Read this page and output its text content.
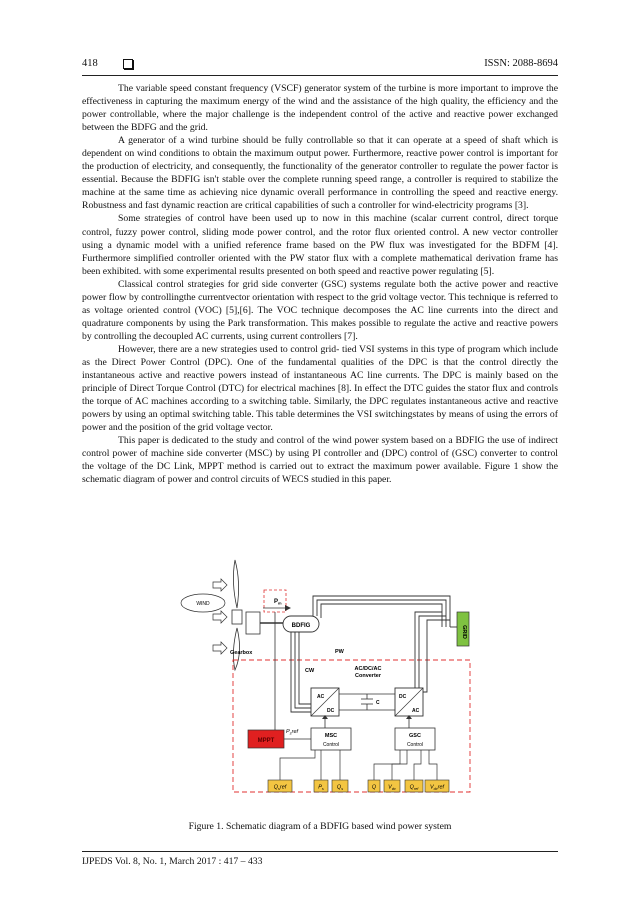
418	ISSN: 2088-8694

The variable speed constant frequency (VSCF) generator system of the turbine is more important to improve the effectiveness in capturing the maximum energy of the wind and the assistance of the high quality, the efficiency and the power controllable, where the major challenge is the independent control of the active and reactive power exchanged between the BDFG and the grid.

A generator of a wind turbine should be fully controllable so that it can operate at a speed of shaft which is dependent on wind conditions to obtain the maximum output power. Furthermore, reactive power control is important for the production of electricity, and consequently, the functionality of the generator controller to regulate the power factor is essential. Because the BDFIG isn't stable over the complete running speed range, a controller is required to stabilize the machine at the same time as achieving nice dynamic overall performance in controlling the speed and reactive energy. Robustness and fast dynamic reaction are critical capabilities of such a controller for wind-electricity programs [3].

Some strategies of control have been used up to now in this machine (scalar current control, direct torque control, fuzzy power control, sliding mode power control, and the rotor flux oriented control. A new vector controller using a dynamic model with a unified reference frame based on the PW flux was investigated for the BDFM [4]. Furthermore simplified controller oriented with the PW stator flux with a complete mathematical derivation frame has been exhibited. with some experimental results presented on both speed and reactive power regulating [5].

Classical control strategies for grid side converter (GSC) systems regulate both the active power and reactive power flow by controllingthe currentvector orientation with respect to the grid voltage vector. This technique is referred to as voltage oriented control (VOC) [5],[6]. The VOC technique decomposes the AC line currents into the direct and quadrature components by using the Park transformation. This makes possible to regulate the active and reactive powers by controlling the decoupled AC currents, using current controllers [7].

However, there are a new strategies used to control grid- tied VSI systems in this type of program which include as the Direct Power Control (DPC). One of the fundamental qualities of the DPC is that the control directly the instantaneous active and reactive powers instead of instantaneous AC line currents. The DPC is mainly based on the principle of Direct Torque Control (DTC) for electrical machines [8]. In effect the DTC guides the stator flux and controls the torque of AC machines according to a switching table. Similarly, the DPC regulates instantaneous active and reactive powers by using an optimal switching table. This table determines the VSI switchingstates by means of using the errors of power and the position of the grid voltage vector.

This paper is dedicated to the study and control of the wind power system based on a BDFIG the use of indirect control power of machine side converter (MSC) by using PI controller and (DPC) control of (GSC) converter to control the voltage of the DC Link, MPPT method is carried out to extract the maximum power available. Figure 1 show the schematic diagram of power and control circuits of WECS studied in this paper.

WIND
Gearbox
$P_m$
BDFIG	GRID
PW
CW	AC/DC/AC Converter
AC
DC
C
DC
AC
MPPT
$P_sref$
MSC
Control
GSC
Control
$Q_sref$	$P_s$ $Q_s$	Q $V_{dc}$	$Q_{ref}$ $V_{dc}ref$
Figure 1. Schematic diagram of a BDFIG based wind power system
IJPEDS Vol. 8, No. 1, March 2017 : 417 – 433
